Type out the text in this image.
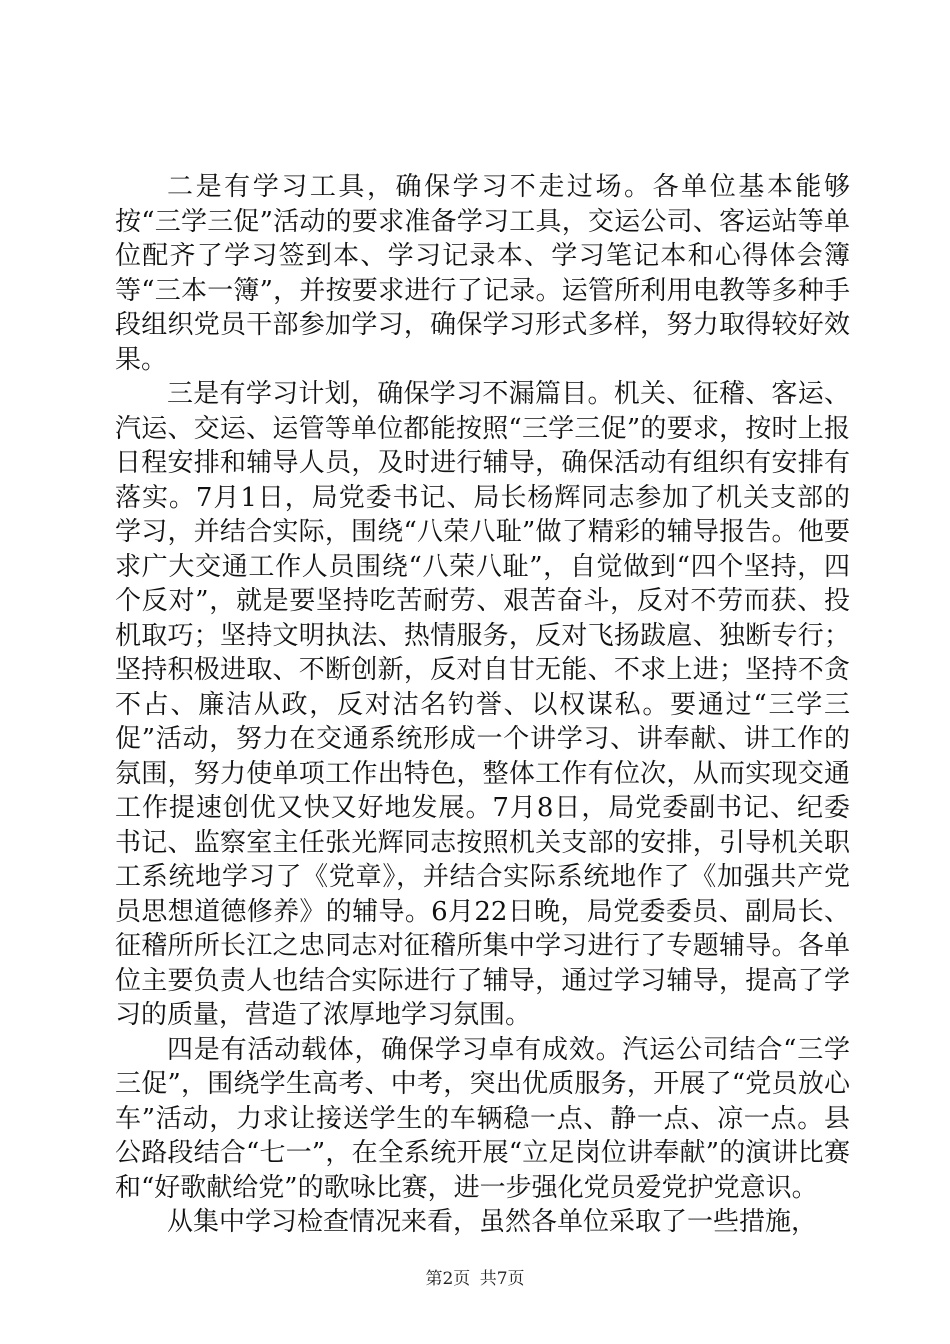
二是有学习工具，确保学习不走过场。各单位基本能够按“三学三促”活动的要求准备学习工具，交运公司、客运站等单位配齐了学习签到本、学习记录本、学习笔记本和心得体会簿等“三本一簿”，并按要求进行了记录。运管所利用电教等多种手段组织党员干部参加学习，确保学习形式多样，努力取得较好效果。

三是有学习计划，确保学习不漏篇目。机关、征稽、客运、汽运、交运、运管等单位都能按照“三学三促”的要求，按时上报日程安排和辅导人员，及时进行辅导，确保活动有组织有安排有落实。7月1日，局党委书记、局长杨辉同志参加了机关支部的学习，并结合实际，围绕“八荣八耻”做了精彩的辅导报告。他要求广大交通工作人员围绕“八荣八耻”，自觉做到“四个坚持，四个反对”，就是要坚持吃苦耐劳、艰苦奋斗，反对不劳而获、投机取巧；坚持文明执法、热情服务，反对飞扬跋扈、独断专行；坚持积极进取、不断创新，反对自甘无能、不求上进；坚持不贪不占、廉洁从政，反对沽名钓誉、以权谋私。要通过“三学三促”活动，努力在交通系统形成一个讲学习、讲奉献、讲工作的氛围，努力使单项工作出特色，整体工作有位次，从而实现交通工作提速创优又快又好地发展。7月8日，局党委副书记、纪委书记、监察室主任张光辉同志按照机关支部的安排，引导机关职工系统地学习了《党章》，并结合实际系统地作了《加强共产党员思想道德修养》的辅导。6月22日晚，局党委委员、副局长、征稽所所长江之忠同志对征稽所集中学习进行了专题辅导。各单位主要负责人也结合实际进行了辅导，通过学习辅导，提高了学习的质量，营造了浓厚地学习氛围。

四是有活动载体，确保学习卓有成效。汽运公司结合“三学三促”，围绕学生高考、中考，突出优质服务，开展了“党员放心车”活动，力求让接送学生的车辆稳一点、静一点、凉一点。县公路段结合“七一”，在全系统开展“立足岗位讲奉献”的演讲比赛和“好歌献给党”的歌咏比赛，进一步强化党员爱党护党意识。

从集中学习检查情况来看，虽然各单位采取了一些措施，

第2页 共7页
